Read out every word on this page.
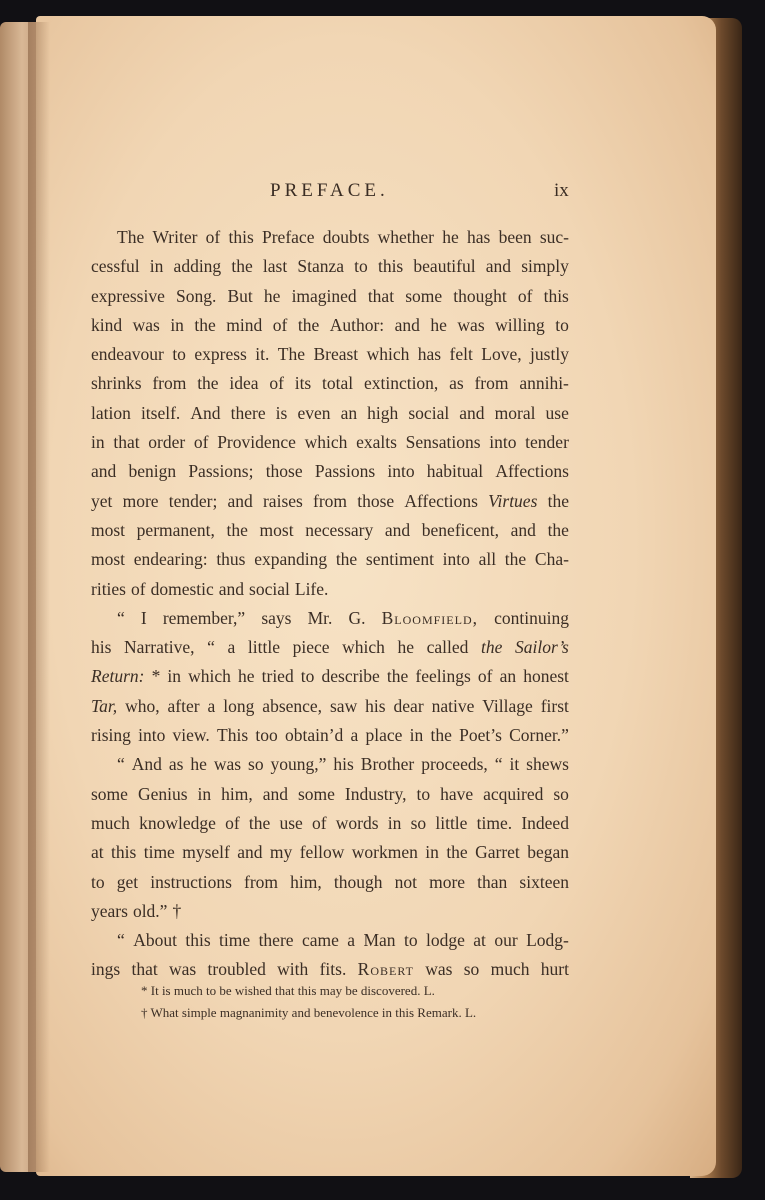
PREFACE.	ix
The Writer of this Preface doubts whether he has been suc-
cessful in adding the last Stanza to this beautiful and simply
expressive Song. But he imagined that some thought of this
kind was in the mind of the Author: and he was willing to
endeavour to express it. The Breast which has felt Love, justly
shrinks from the idea of its total extinction, as from annihi-
lation itself. And there is even an high social and moral use
in that order of Providence which exalts Sensations into tender
and benign Passions; those Passions into habitual Affections
yet more tender; and raises from those Affections Virtues the
most permanent, the most necessary and beneficent, and the
most endearing: thus expanding the sentiment into all the Cha-
rities of domestic and social Life.
“ I remember,” says Mr. G. Bloomfield, continuing
his Narrative, “ a little piece which he called the Sailor’s
Return: * in which he tried to describe the feelings of an honest
Tar, who, after a long absence, saw his dear native Village first
rising into view. This too obtain’d a place in the Poet’s Corner.”
“ And as he was so young,” his Brother proceeds, “ it shews
some Genius in him, and some Industry, to have acquired so
much knowledge of the use of words in so little time. Indeed
at this time myself and my fellow workmen in the Garret began
to get instructions from him, though not more than sixteen
years old.” †
“ About this time there came a Man to lodge at our Lodg-
ings that was troubled with fits. Robert was so much hurt
* It is much to be wished that this may be discovered. L.
† What simple magnanimity and benevolence in this Remark. L.
